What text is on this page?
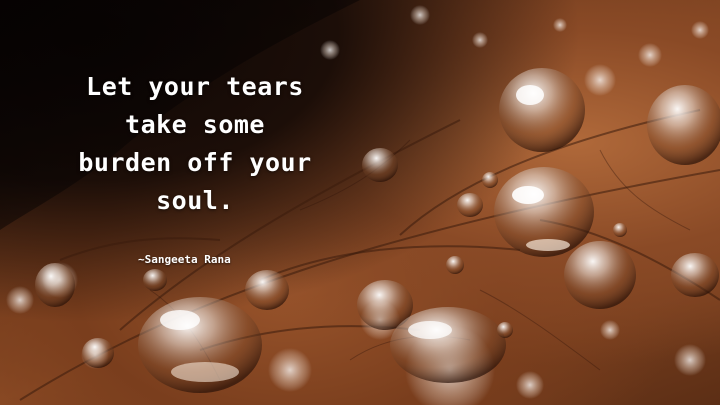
Let your tears
take some
burden off your
soul.
~Sangeeta Rana
